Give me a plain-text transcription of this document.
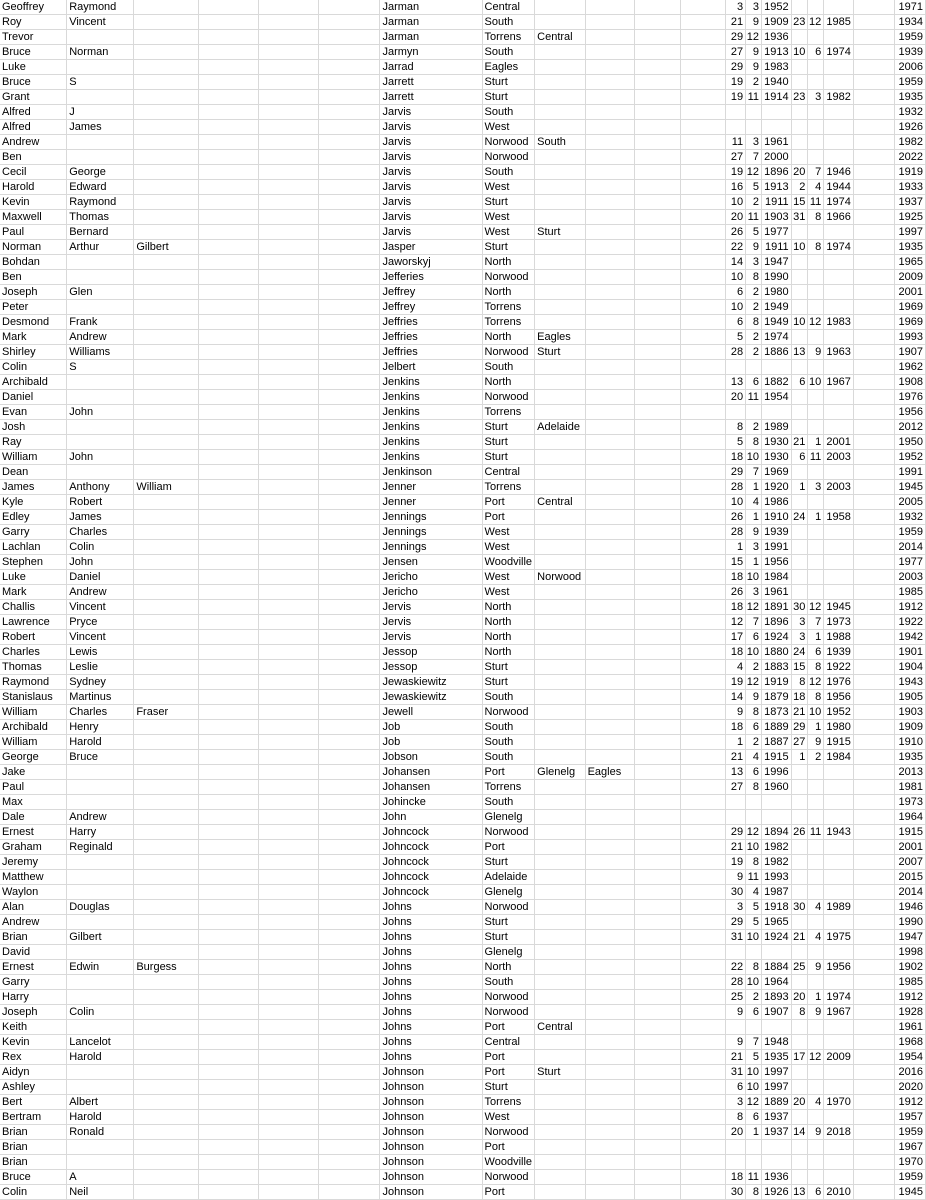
Geoffrey	Raymond					Jarman	Central					3	3	1952					1971
Roy	Vincent					Jarman	South					21	9	1909	23	12	1985		1934
Trevor						Jarman	Torrens	Central				29	12	1936					1959
Bruce	Norman					Jarmyn	South					27	9	1913	10	6	1974		1939
Luke						Jarrad	Eagles					29	9	1983					2006
Bruce	S					Jarrett	Sturt					19	2	1940					1959
Grant						Jarrett	Sturt					19	11	1914	23	3	1982		1935
Alfred	J					Jarvis	South												1932
Alfred	James					Jarvis	West												1926
Andrew						Jarvis	Norwood	South				11	3	1961					1982
Ben						Jarvis	Norwood					27	7	2000					2022
Cecil	George					Jarvis	South					19	12	1896	20	7	1946		1919
Harold	Edward					Jarvis	West					16	5	1913	2	4	1944		1933
Kevin	Raymond					Jarvis	Sturt					10	2	1911	15	11	1974		1937
Maxwell	Thomas					Jarvis	West					20	11	1903	31	8	1966		1925
Paul	Bernard					Jarvis	West	Sturt				26	5	1977					1997
Norman	Arthur	Gilbert				Jasper	Sturt					22	9	1911	10	8	1974		1935
Bohdan						Jaworskyj	North					14	3	1947					1965
Ben						Jefferies	Norwood					10	8	1990					2009
Joseph	Glen					Jeffrey	North					6	2	1980					2001
Peter						Jeffrey	Torrens					10	2	1949					1969
Desmond	Frank					Jeffries	Torrens					6	8	1949	10	12	1983		1969
Mark	Andrew					Jeffries	North	Eagles				5	2	1974					1993
Shirley	Williams					Jeffries	Norwood	Sturt				28	2	1886	13	9	1963		1907
Colin	S					Jelbert	South												1962
Archibald						Jenkins	North					13	6	1882	6	10	1967		1908
Daniel						Jenkins	Norwood					20	11	1954					1976
Evan	John					Jenkins	Torrens												1956
Josh						Jenkins	Sturt	Adelaide				8	2	1989					2012
Ray						Jenkins	Sturt					5	8	1930	21	1	2001		1950
William	John					Jenkins	Sturt					18	10	1930	6	11	2003		1952
Dean						Jenkinson	Central					29	7	1969					1991
James	Anthony	William				Jenner	Torrens					28	1	1920	1	3	2003		1945
Kyle	Robert					Jenner	Port	Central				10	4	1986					2005
Edley	James					Jennings	Port					26	1	1910	24	1	1958		1932
Garry	Charles					Jennings	West					28	9	1939					1959
Lachlan	Colin					Jennings	West					1	3	1991					2014
Stephen	John					Jensen	Woodville					15	1	1956					1977
Luke	Daniel					Jericho	West	Norwood				18	10	1984					2003
Mark	Andrew					Jericho	West					26	3	1961					1985
Challis	Vincent					Jervis	North					18	12	1891	30	12	1945		1912
Lawrence	Pryce					Jervis	North					12	7	1896	3	7	1973		1922
Robert	Vincent					Jervis	North					17	6	1924	3	1	1988		1942
Charles	Lewis					Jessop	North					18	10	1880	24	6	1939		1901
Thomas	Leslie					Jessop	Sturt					4	2	1883	15	8	1922		1904
Raymond	Sydney					Jewaskiewitz	Sturt					19	12	1919	8	12	1976		1943
Stanislaus	Martinus					Jewaskiewitz	South					14	9	1879	18	8	1956		1905
William	Charles	Fraser				Jewell	Norwood					9	8	1873	21	10	1952		1903
Archibald	Henry					Job	South					18	6	1889	29	1	1980		1909
William	Harold					Job	South					1	2	1887	27	9	1915		1910
George	Bruce					Jobson	South					21	4	1915	1	2	1984		1935
Jake						Johansen	Port	Glenelg	Eagles			13	6	1996					2013
Paul						Johansen	Torrens					27	8	1960					1981
Max						Johincke	South												1973
Dale	Andrew					John	Glenelg												1964
Ernest	Harry					Johncock	Norwood					29	12	1894	26	11	1943		1915
Graham	Reginald					Johncock	Port					21	10	1982					2001
Jeremy						Johncock	Sturt					19	8	1982					2007
Matthew						Johncock	Adelaide					9	11	1993					2015
Waylon						Johncock	Glenelg					30	4	1987					2014
Alan	Douglas					Johns	Norwood					3	5	1918	30	4	1989		1946
Andrew						Johns	Sturt					29	5	1965					1990
Brian	Gilbert					Johns	Sturt					31	10	1924	21	4	1975		1947
David						Johns	Glenelg												1998
Ernest	Edwin	Burgess				Johns	North					22	8	1884	25	9	1956		1902
Garry						Johns	South					28	10	1964					1985
Harry						Johns	Norwood					25	2	1893	20	1	1974		1912
Joseph	Colin					Johns	Norwood					9	6	1907	8	9	1967		1928
Keith						Johns	Port	Central											1961
Kevin	Lancelot					Johns	Central					9	7	1948					1968
Rex	Harold					Johns	Port					21	5	1935	17	12	2009		1954
Aidyn						Johnson	Port	Sturt				31	10	1997					2016
Ashley						Johnson	Sturt					6	10	1997					2020
Bert	Albert					Johnson	Torrens					3	12	1889	20	4	1970		1912
Bertram	Harold					Johnson	West					8	6	1937					1957
Brian	Ronald					Johnson	Norwood					20	1	1937	14	9	2018		1959
Brian						Johnson	Port												1967
Brian						Johnson	Woodville												1970
Bruce	A					Johnson	Norwood					18	11	1936					1959
Colin	Neil					Johnson	Port					30	8	1926	13	6	2010		1945
